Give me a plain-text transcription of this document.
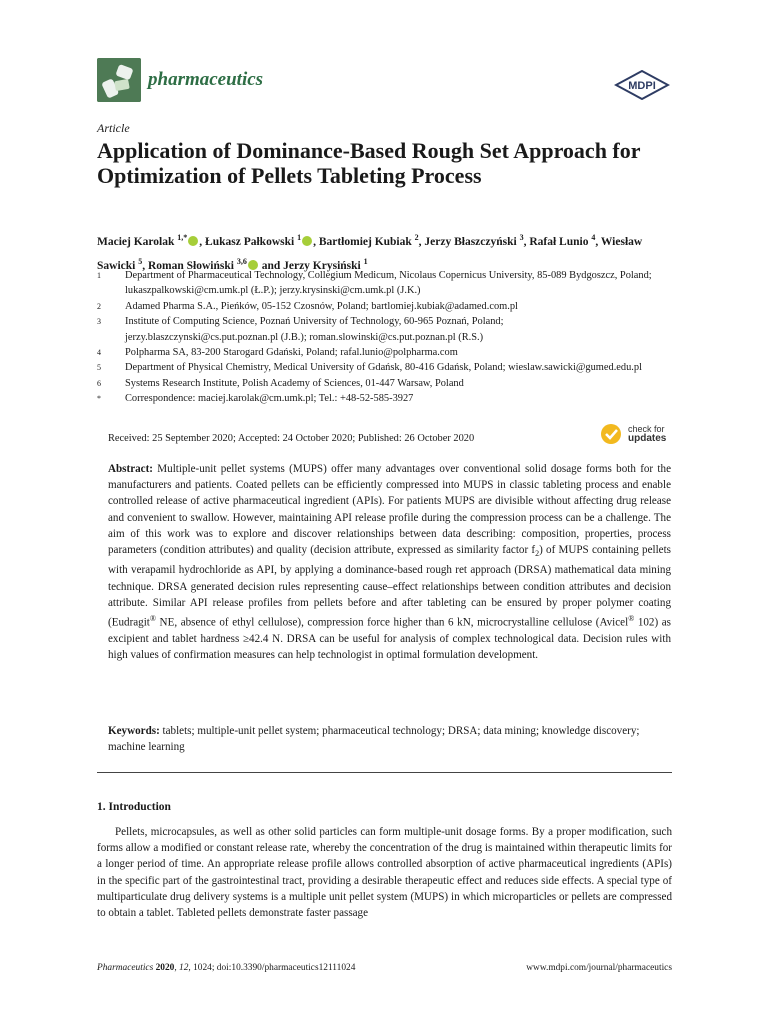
pharmaceutics	MDPI
Article
Application of Dominance-Based Rough Set Approach for Optimization of Pellets Tableting Process
Maciej Karolak $^{1,*}$ , Łukasz Pałkowski $^1$ , Bartłomiej Kubiak $^2$, Jerzy Błaszczyński $^3$, Rafał Lunio $^4$, Wiesław Sawicki $^5$, Roman Słowiński $^{3,6}$ and Jerzy Krysiński $^1$
1	Department of Pharmaceutical Technology, Collegium Medicum, Nicolaus Copernicus University, 85-089 Bydgoszcz, Poland; lukaszpalkowski@cm.umk.pl (Ł.P.); jerzy.krysinski@cm.umk.pl (J.K.)
2	Adamed Pharma S.A., Pieńków, 05-152 Czosnów, Poland; bartlomiej.kubiak@adamed.com.pl
3	Institute of Computing Science, Poznań University of Technology, 60-965 Poznań, Poland; jerzy.blaszczynski@cs.put.poznan.pl (J.B.); roman.slowinski@cs.put.poznan.pl (R.S.)
4	Polpharma SA, 83-200 Starogard Gdański, Poland; rafal.lunio@polpharma.com
5	Department of Physical Chemistry, Medical University of Gdańsk, 80-416 Gdańsk, Poland; wieslaw.sawicki@gumed.edu.pl
6	Systems Research Institute, Polish Academy of Sciences, 01-447 Warsaw, Poland
*	Correspondence: maciej.karolak@cm.umk.pl; Tel.: +48-52-585-3927
Received: 25 September 2020; Accepted: 24 October 2020; Published: 26 October 2020
check for
updates
Abstract: Multiple-unit pellet systems (MUPS) offer many advantages over conventional solid dosage forms both for the manufacturers and patients. Coated pellets can be efficiently compressed into MUPS in classic tableting process and enable controlled release of active pharmaceutical ingredient (APIs). For patients MUPS are divisible without affecting drug release and convenient to swallow. However, maintaining API release profile during the compression process can be a challenge. The aim of this work was to explore and discover relationships between data describing: composition, properties, process parameters (condition attributes) and quality (decision attribute, expressed as similarity factor $f_2$) of MUPS containing pellets with verapamil hydrochloride as API, by applying a dominance-based rough ret approach (DRSA) mathematical data mining technique. DRSA generated decision rules representing cause–effect relationships between condition attributes and decision attribute. Similar API release profiles from pellets before and after tableting can be ensured by proper polymer coating (Eudragit® NE, absence of ethyl cellulose), compression force higher than 6 kN, microcrystalline cellulose (Avicel® 102) as excipient and tablet hardness ≥42.4 N. DRSA can be useful for analysis of complex technological data. Decision rules with high values of confirmation measures can help technologist in optimal formulation development.
Keywords: tablets; multiple-unit pellet system; pharmaceutical technology; DRSA; data mining; knowledge discovery; machine learning
1. Introduction
Pellets, microcapsules, as well as other solid particles can form multiple-unit dosage forms. By a proper modification, such forms allow a modified or constant release rate, whereby the concentration of the drug is maintained within therapeutic limits for a longer period of time. An appropriate release profile allows controlled absorption of active pharmaceutical ingredients (APIs) in the specific part of the gastrointestinal tract, providing a desirable therapeutic effect and reduces side effects. A special type of multiparticulate drug delivery systems is a multiple unit pellet system (MUPS) in which microparticles or pellets are compressed to obtain a tablet. Tableted pellets demonstrate faster passage
Pharmaceutics 2020, 12, 1024; doi:10.3390/pharmaceutics12111024	www.mdpi.com/journal/pharmaceutics
